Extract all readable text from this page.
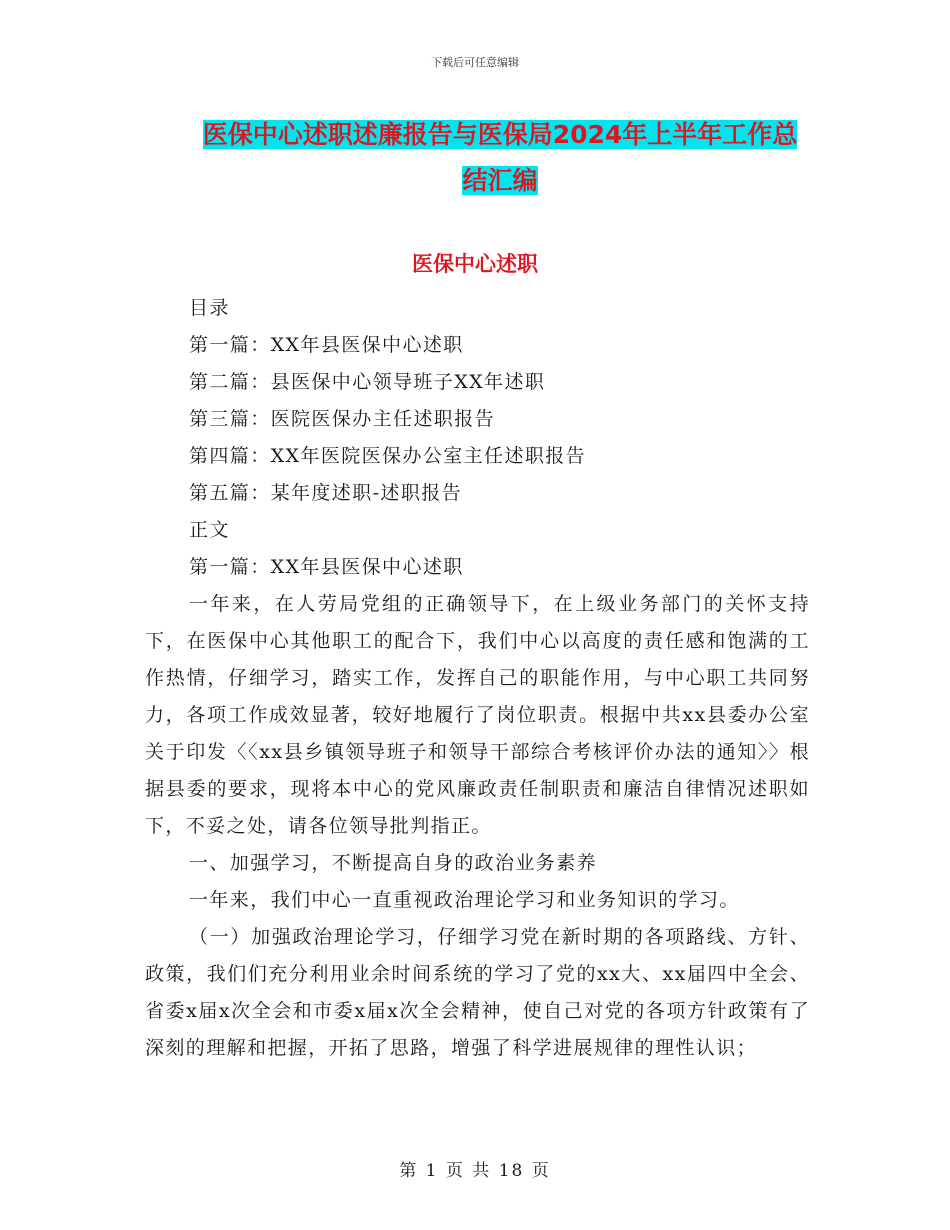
下载后可任意编辑
医保中心述职述廉报告与医保局2024年上半年工作总
结汇编
医保中心述职
目录
第一篇：XX年县医保中心述职
第二篇：县医保中心领导班子XX年述职
第三篇：医院医保办主任述职报告
第四篇：XX年医院医保办公室主任述职报告
第五篇：某年度述职-述职报告
正文
第一篇：XX年县医保中心述职
一年来，在人劳局党组的正确领导下，在上级业务部门的关怀支持下，在医保中心其他职工的配合下，我们中心以高度的责任感和饱满的工作热情，仔细学习，踏实工作，发挥自己的职能作用，与中心职工共同努力，各项工作成效显著，较好地履行了岗位职责。根据中共xx县委办公室关于印发〈〈xx县乡镇领导班子和领导干部综合考核评价办法的通知〉〉根据县委的要求，现将本中心的党风廉政责任制职责和廉洁自律情况述职如下，不妥之处，请各位领导批判指正。
一、加强学习，不断提高自身的政治业务素养
一年来，我们中心一直重视政治理论学习和业务知识的学习。
（一）加强政治理论学习，仔细学习党在新时期的各项路线、方针、政策，我们们充分利用业余时间系统的学习了党的xx大、xx届四中全会、省委x届x次全会和市委x届x次全会精神，使自己对党的各项方针政策有了深刻的理解和把握，开拓了思路，增强了科学进展规律的理性认识；
第 1 页 共 18 页
